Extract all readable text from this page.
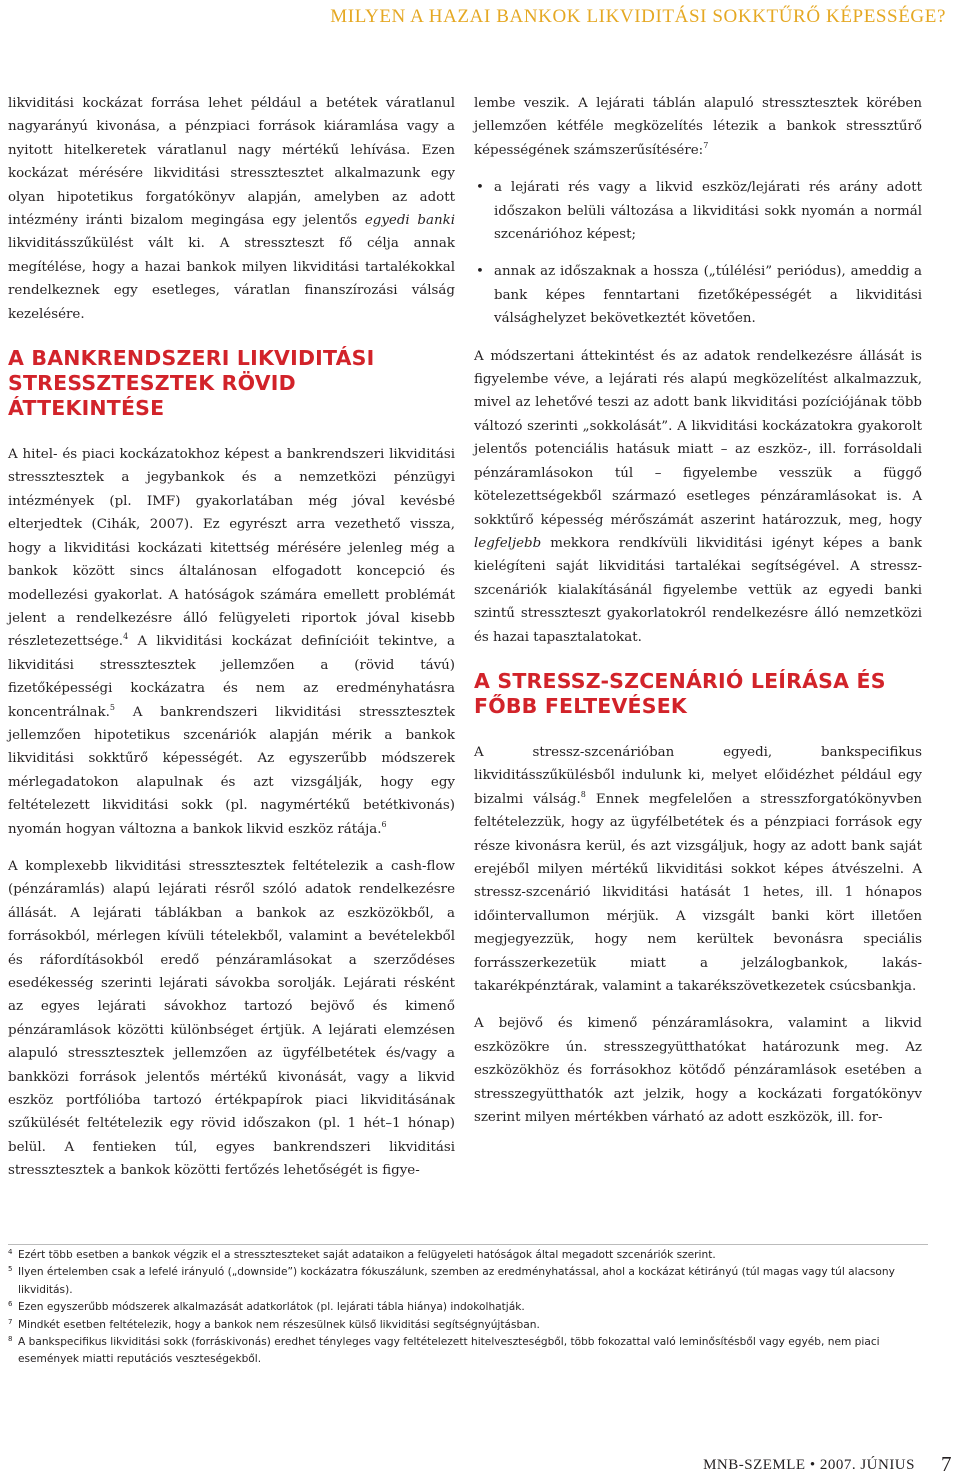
MILYEN A HAZAI BANKOK LIKVIDITÁSI SOKKTŰRŐ KÉPESSÉGE?

likviditási kockázat forrása lehet például a betétek váratlanul nagyarányú kivonása, a pénzpiaci források kiáramlása vagy a nyitott hitelkeretek váratlanul nagy mértékű lehívása. Ezen kockázat mérésére likviditási stressztesztet alkalmazunk egy olyan hipotetikus forgatókönyv alapján, amelyben az adott intézmény iránti bizalom megingása egy jelentős egyedi banki likviditásszűkülést vált ki. A stresszteszt fő célja annak megítélése, hogy a hazai bankok milyen likviditási tartalékokkal rendelkeznek egy esetleges, váratlan finanszírozási válság kezelésére.

A BANKRENDSZERI LIKVIDITÁSI STRESSZTESZTEK RÖVID ÁTTEKINTÉSE

A hitel- és piaci kockázatokhoz képest a bankrendszeri likviditási stressztesztek a jegybankok és a nemzetközi pénzügyi intézmények (pl. IMF) gyakorlatában még jóval kevésbé elterjedtek (Cihák, 2007). Ez egyrészt arra vezethető vissza, hogy a likviditási kockázati kitettség mérésére jelenleg még a bankok között sincs általánosan elfogadott koncepció és modellezési gyakorlat. A hatóságok számára emellett problémát jelent a rendelkezésre álló felügyeleti riportok jóval kisebb részletezettsége.$^4$ A likviditási kockázat definícióit tekintve, a likviditási stressztesztek jellemzően a (rövid távú) fizetőképességi kockázatra és nem az eredményhatásra koncentrálnak.$^5$ A bankrendszeri likviditási stressztesztek jellemzően hipotetikus szcenáriók alapján mérik a bankok likviditási sokktűrő képességét. Az egyszerűbb módszerek mérlegadatokon alapulnak és azt vizsgálják, hogy egy feltételezett likviditási sokk (pl. nagymértékű betétkivonás) nyomán hogyan változna a bankok likvid eszköz rátája.$^6$

A komplexebb likviditási stressztesztek feltételezik a cash-flow (pénzáramlás) alapú lejárati résről szóló adatok rendelkezésre állását. A lejárati táblákban a bankok az eszközökből, a forrásokból, mérlegen kívüli tételekből, valamint a bevételekből és ráfordításokból eredő pénzáramlásokat a szerződéses esedékesség szerinti lejárati sávokba sorolják. Lejárati résként az egyes lejárati sávokhoz tartozó bejövő és kimenő pénzáramlások közötti különbséget értjük. A lejárati elemzésen alapuló stressztesztek jellemzően az ügyfélbetétek és/vagy a bankközi források jelentős mértékű kivonását, vagy a likvid eszköz portfólióba tartozó értékpapírok piaci likviditásának szűkülését feltételezik egy rövid időszakon (pl. 1 hét–1 hónap) belül. A fentieken túl, egyes bankrendszeri likviditási stressztesztek a bankok közötti fertőzés lehetőségét is figye-

lembe veszik. A lejárati táblán alapuló stressztesztek körében jellemzően kétféle megközelítés létezik a bankok stressztűrő képességének számszerűsítésére:$^7$

• a lejárati rés vagy a likvid eszköz/lejárati rés arány adott időszakon belüli változása a likviditási sokk nyomán a normál szcenárióhoz képest;
• annak az időszaknak a hossza („túlélési” periódus), ameddig a bank képes fenntartani fizetőképességét a likviditási válsághelyzet bekövetkeztét követően.

A módszertani áttekintést és az adatok rendelkezésre állását is figyelembe véve, a lejárati rés alapú megközelítést alkalmazzuk, mivel az lehetővé teszi az adott bank likviditási pozíciójának több változó szerinti „sokkolását”. A likviditási kockázatokra gyakorolt jelentős potenciális hatásuk miatt – az eszköz-, ill. forrásoldali pénzáramlásokon túl – figyelembe vesszük a függő kötelezettségekből származó esetleges pénzáramlásokat is. A sokktűrő képesség mérőszámát aszerint határozzuk, meg, hogy legfeljebb mekkora rendkívüli likviditási igényt képes a bank kielégíteni saját likviditási tartalékai segítségével. A stressz-szcenáriók kialakításánál figyelembe vettük az egyedi banki szintű stresszteszt gyakorlatokról rendelkezésre álló nemzetközi és hazai tapasztalatokat.

A STRESSZ-SZCENÁRIÓ LEÍRÁSA ÉS FŐBB FELTEVÉSEK

A stressz-szcenárióban egyedi, bankspecifikus likviditásszűkülésből indulunk ki, melyet előidézhet például egy bizalmi válság.$^8$ Ennek megfelelően a stresszforgatókönyvben feltételezzük, hogy az ügyfélbetétek és a pénzpiaci források egy része kivonásra kerül, és azt vizsgáljuk, hogy az adott bank saját erejéből milyen mértékű likviditási sokkot képes átvészelni. A stressz-szcenárió likviditási hatását 1 hetes, ill. 1 hónapos időintervallumon mérjük. A vizsgált banki kört illetően megjegyezzük, hogy nem kerültek bevonásra speciális forrásszerkezetük miatt a jelzálogbankok, lakás-takarékpénztárak, valamint a takarékszövetkezetek csúcsbankja.

A bejövő és kimenő pénzáramlásokra, valamint a likvid eszközökre ún. stresszegyütthatókat határozunk meg. Az eszközökhöz és forrásokhoz kötődő pénzáramlások esetében a stresszegyütthatók azt jelzik, hogy a kockázati forgatókönyv szerint milyen mértékben várható az adott eszközök, ill. for-

4 Ezért több esetben a bankok végzik el a stresszteszteket saját adataikon a felügyeleti hatóságok által megadott szcenáriók szerint.
5 Ilyen értelemben csak a lefelé irányuló („downside”) kockázatra fókuszálunk, szemben az eredményhatással, ahol a kockázat kétirányú (túl magas vagy túl alacsony likviditás).
6 Ezen egyszerűbb módszerek alkalmazását adatkorlátok (pl. lejárati tábla hiánya) indokolhatják.
7 Mindkét esetben feltételezik, hogy a bankok nem részesülnek külső likviditási segítségnyújtásban.
8 A bankspecifikus likviditási sokk (forráskivonás) eredhet tényleges vagy feltételezett hitelveszteségből, több fokozattal való leminősítésből vagy egyéb, nem piaci események miatti reputációs veszteségekből.
MNB-SZEMLE • 2007. JÚNIUS 7
